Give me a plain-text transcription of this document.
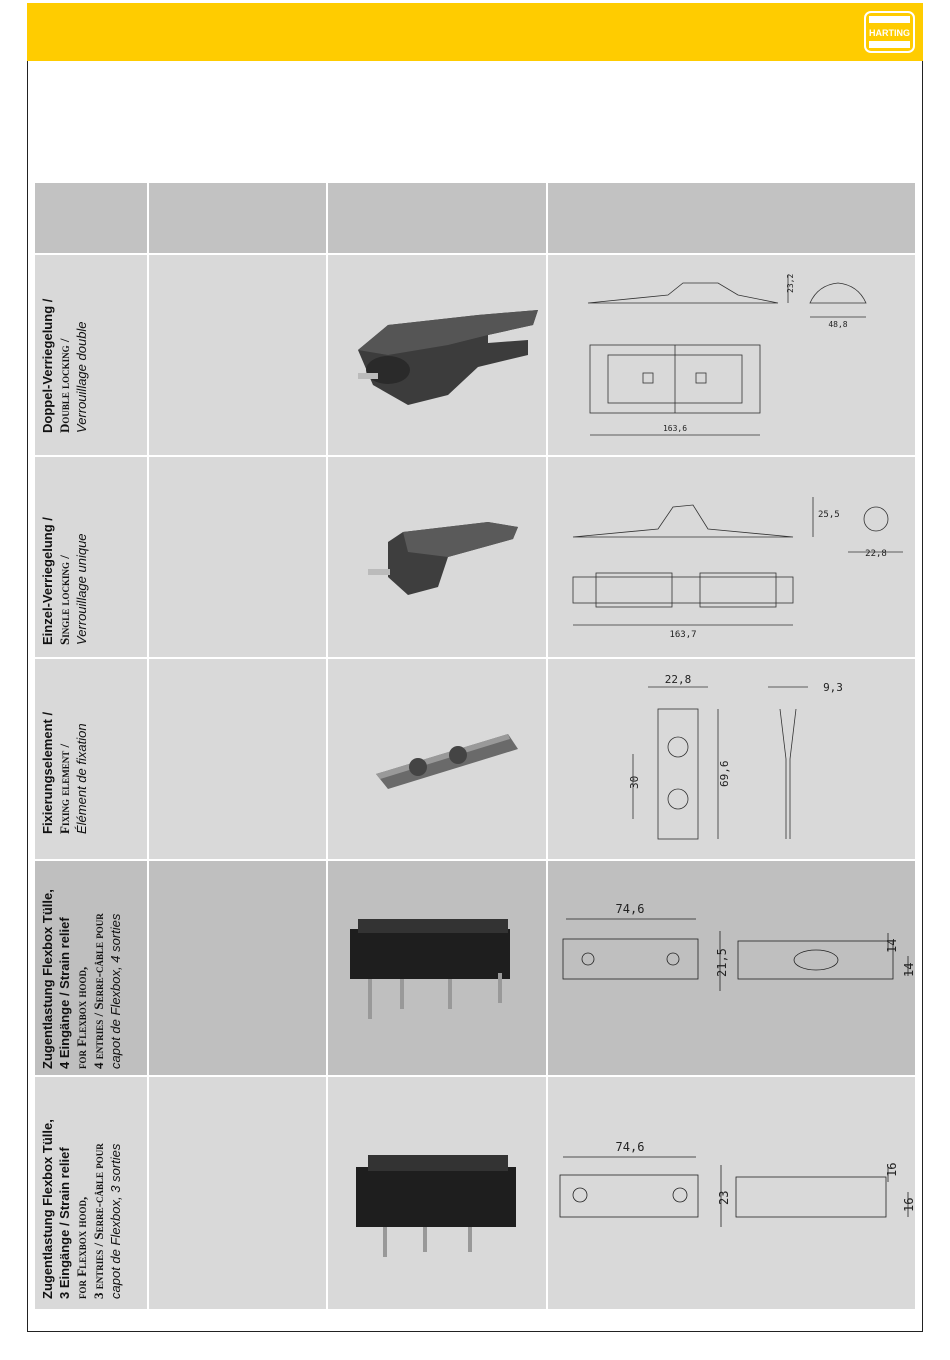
HARTING
Doppel-Verriegelung / Double locking / Verrouillage double
23,2
48,8
163,6
Einzel-Verriegelung / Single locking / Verrouillage unique
25,5
22,8
163,7
Fixierungselement / Fixing element / Élément de fixation
22,8
9,3
30	69,6
Zugentlastung Flexbox Tülle, 4 Eingänge / Strain relief for Flexbox hood, 4 entries / Serre-câble pour capot de Flexbox, 4 sorties
74,6
21,5
14
14
Zugentlastung Flexbox Tülle, 3 Eingänge / Strain relief for Flexbox hood, 3 entries / Serre-câble pour capot de Flexbox, 3 sorties	74,6
23
16
16
